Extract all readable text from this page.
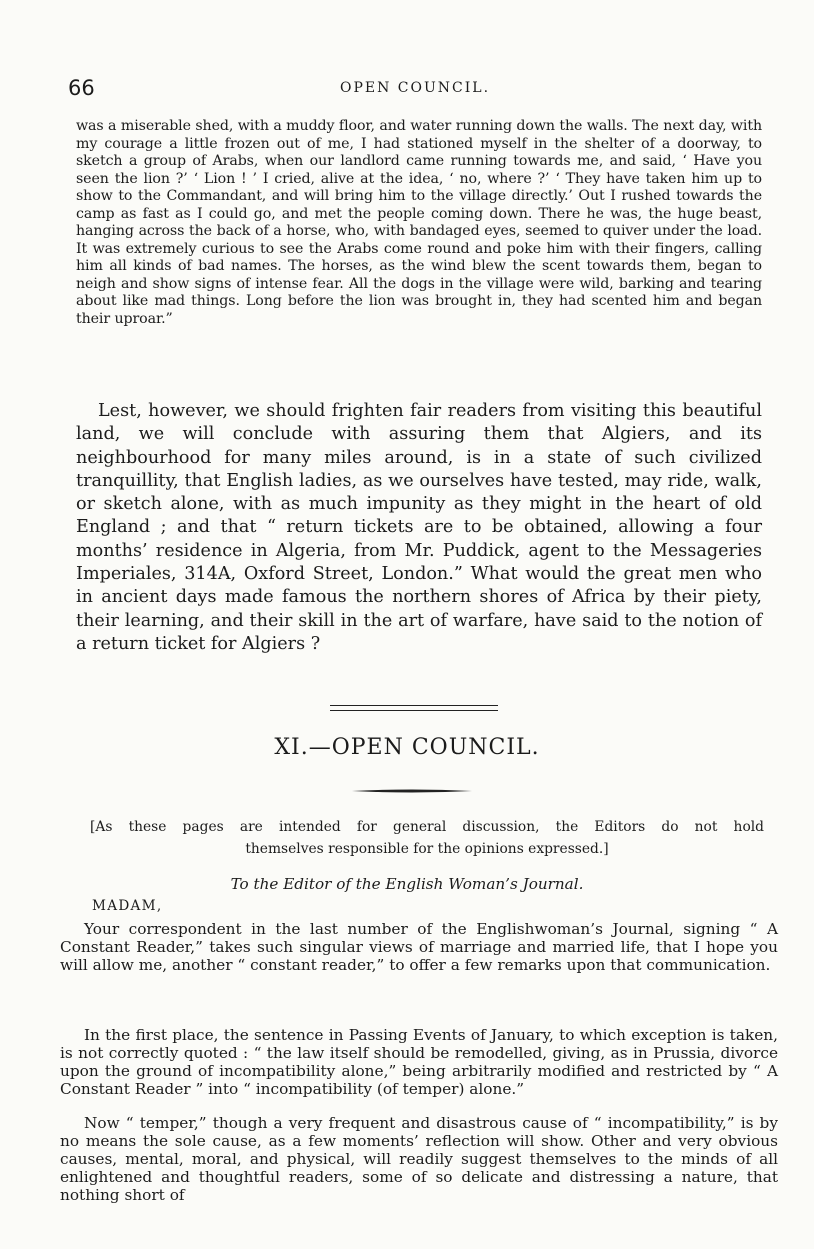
66	OPEN COUNCIL.

was a miserable shed, with a muddy floor, and water running down the walls. The next day, with my courage a little frozen out of me, I had stationed myself in the shelter of a doorway, to sketch a group of Arabs, when our landlord came running towards me, and said, ‘ Have you seen the lion ?’ ‘ Lion ! ’ I cried, alive at the idea, ‘ no, where ?’ ‘ They have taken him up to show to the Commandant, and will bring him to the village directly.’ Out I rushed towards the camp as fast as I could go, and met the people coming down. There he was, the huge beast, hanging across the back of a horse, who, with bandaged eyes, seemed to quiver under the load. It was extremely curious to see the Arabs come round and poke him with their fingers, calling him all kinds of bad names. The horses, as the wind blew the scent towards them, began to neigh and show signs of intense fear. All the dogs in the village were wild, barking and tearing about like mad things. Long before the lion was brought in, they had scented him and began their uproar.”

Lest, however, we should frighten fair readers from visiting this beautiful land, we will conclude with assuring them that Algiers, and its neighbourhood for many miles around, is in a state of such civilized tranquillity, that English ladies, as we ourselves have tested, may ride, walk, or sketch alone, with as much impunity as they might in the heart of old England ; and that “ return tickets are to be obtained, allowing a four months’ residence in Algeria, from Mr. Puddick, agent to the Messageries Imperiales, 314A, Oxford Street, London.” What would the great men who in ancient days made famous the northern shores of Africa by their piety, their learning, and their skill in the art of warfare, have said to the notion of a return ticket for Algiers ?

XI.—OPEN COUNCIL.
[As these pages are intended for general discussion, the Editors do not hold
themselves responsible for the opinions expressed.]
To the Editor of the English Woman’s Journal.
MADAM,

Your correspondent in the last number of the Englishwoman’s Journal, signing “ A Constant Reader,” takes such singular views of marriage and married life, that I hope you will allow me, another “ constant reader,” to offer a few remarks upon that communication.

In the first place, the sentence in Passing Events of January, to which exception is taken, is not correctly quoted : “ the law itself should be remodelled, giving, as in Prussia, divorce upon the ground of incompatibility alone,” being arbitrarily modified and restricted by “ A Constant Reader ” into “ incompatibility (of temper) alone.”

Now “ temper,” though a very frequent and disastrous cause of “ incompatibility,” is by no means the sole cause, as a few moments’ reflection will show. Other and very obvious causes, mental, moral, and physical, will readily suggest themselves to the minds of all enlightened and thoughtful readers, some of so delicate and distressing a nature, that nothing short of
